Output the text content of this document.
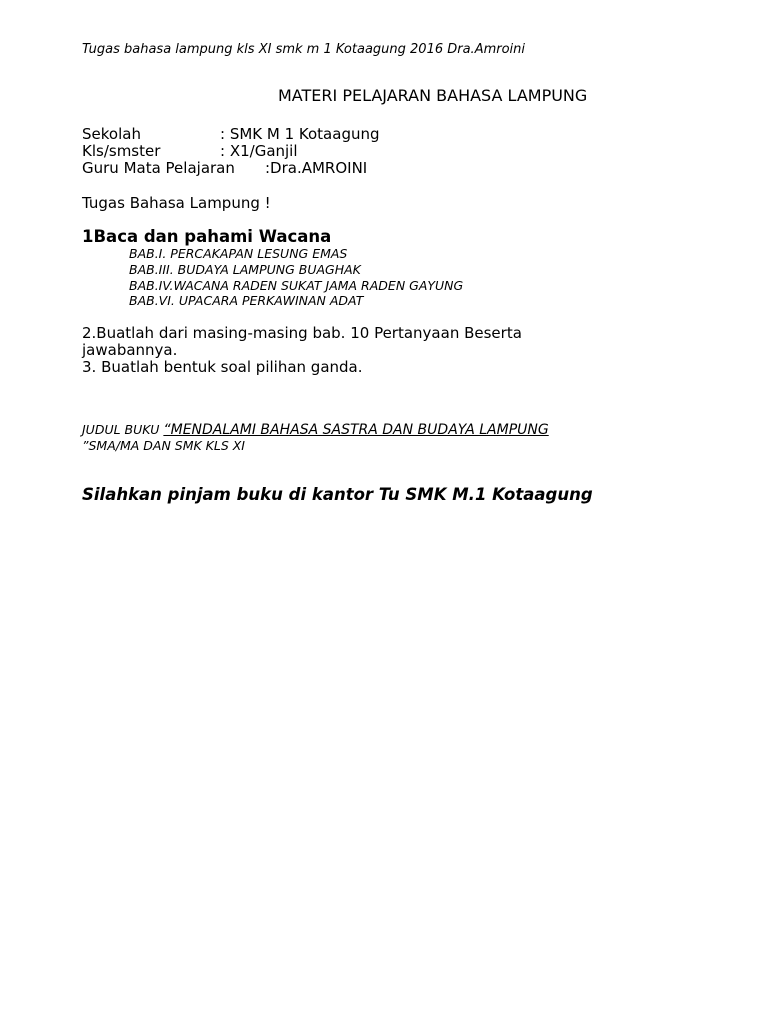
Tugas bahasa lampung kls XI smk m 1 Kotaagung 2016 Dra.Amroini
MATERI PELAJARAN BAHASA LAMPUNG
Sekolah	: SMK M 1 Kotaagung
Kls/smster	: X1/Ganjil
Guru Mata Pelajaran :Dra.AMROINI
Tugas Bahasa Lampung !
1Baca dan pahami Wacana
BAB.I. PERCAKAPAN LESUNG EMAS
BAB.III. BUDAYA LAMPUNG BUAGHAK
BAB.IV.WACANA RADEN SUKAT JAMA RADEN GAYUNG
BAB.VI. UPACARA PERKAWINAN ADAT
2.Buatlah dari masing-masing bab. 10 Pertanyaan Beserta
jawabannya.
3. Buatlah bentuk soal pilihan ganda.
JUDUL BUKU “MENDALAMI BAHASA SASTRA DAN BUDAYA LAMPUNG
”SMA/MA DAN SMK KLS XI
Silahkan pinjam buku di kantor Tu SMK M.1 Kotaagung
